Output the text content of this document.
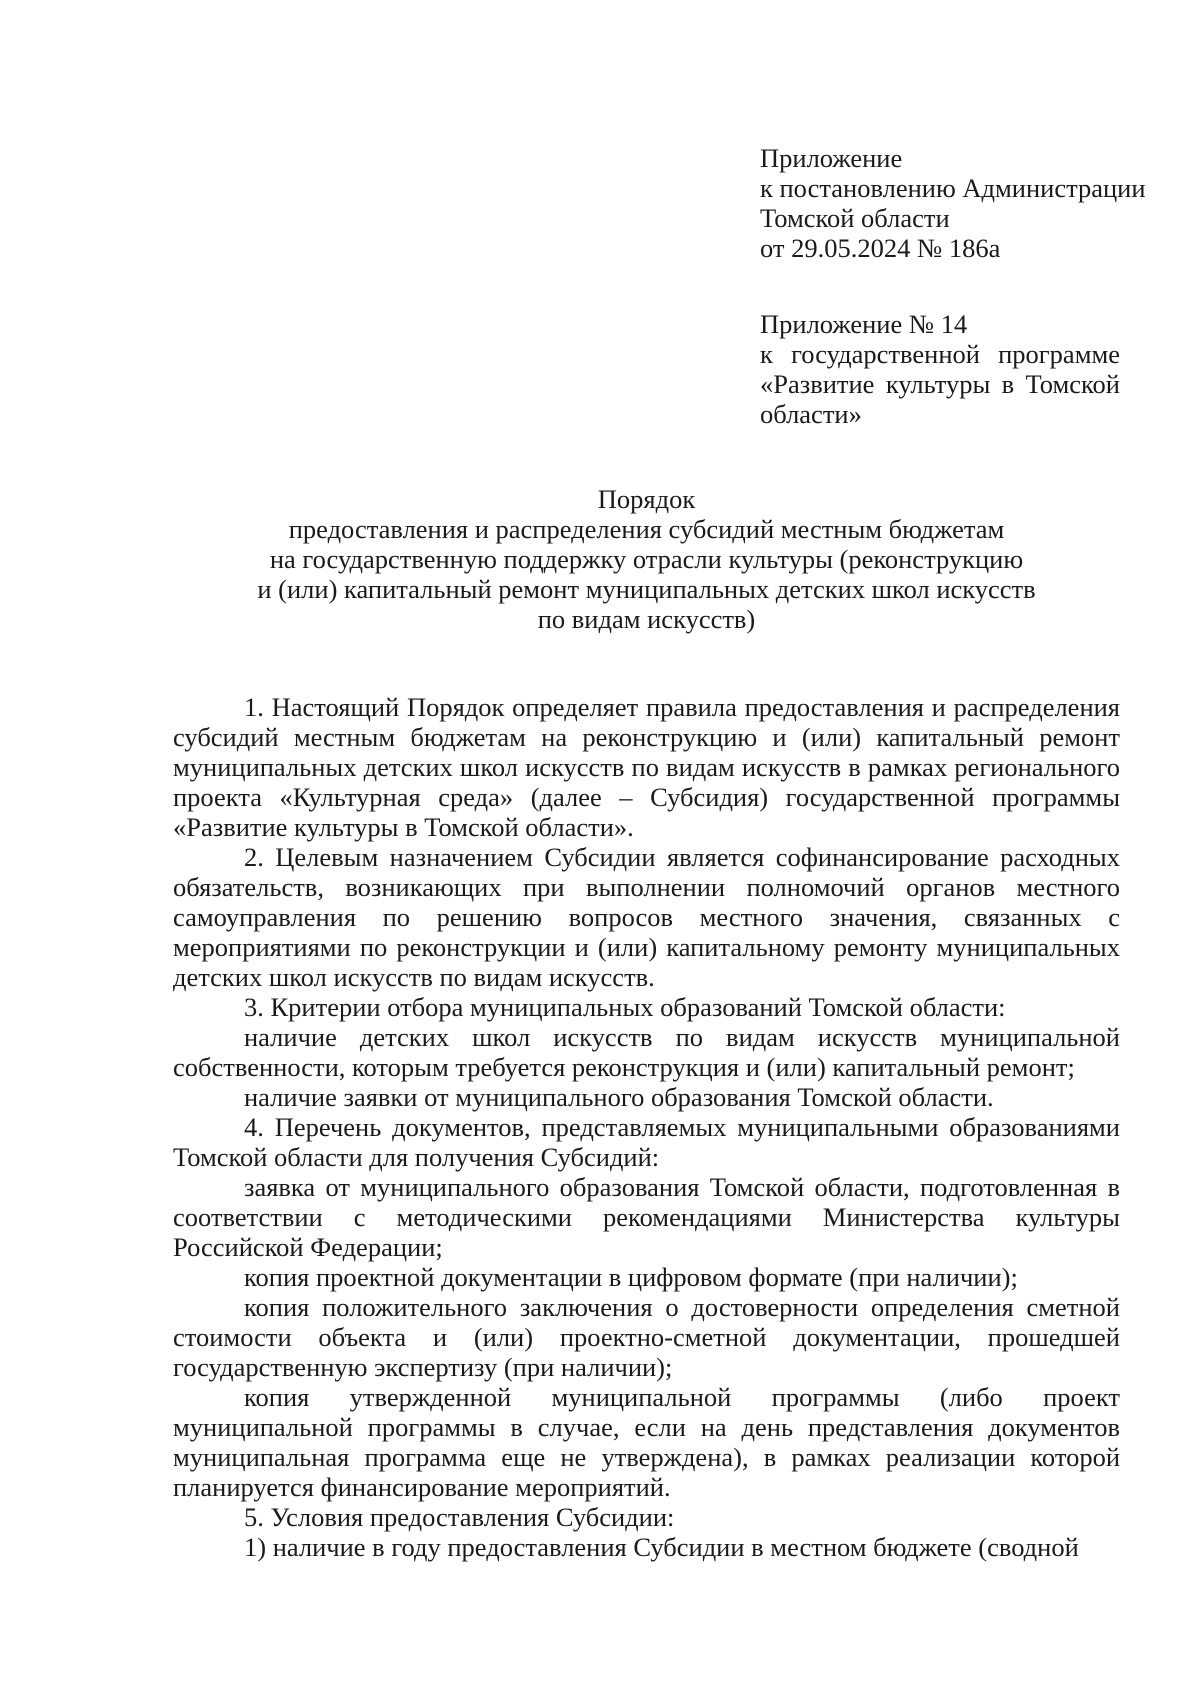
Приложение
к постановлению Администрации
Томской области
от 29.05.2024 № 186а
Приложение № 14
к государственной программе
«Развитие культуры в Томской
области»
Порядок
предоставления и распределения субсидий местным бюджетам
на государственную поддержку отрасли культуры (реконструкцию
и (или) капитальный ремонт муниципальных детских школ искусств
по видам искусств)

1. Настоящий Порядок определяет правила предоставления и распределения субсидий местным бюджетам на реконструкцию и (или) капитальный ремонт муниципальных детских школ искусств по видам искусств в рамках регионального проекта «Культурная среда» (далее – Субсидия) государственной программы «Развитие культуры в Томской области».

2. Целевым назначением Субсидии является софинансирование расходных обязательств, возникающих при выполнении полномочий органов местного самоуправления по решению вопросов местного значения, связанных с мероприятиями по реконструкции и (или) капитальному ремонту муниципальных детских школ искусств по видам искусств.

3. Критерии отбора муниципальных образований Томской области:

наличие детских школ искусств по видам искусств муниципальной собственности, которым требуется реконструкция и (или) капитальный ремонт;

наличие заявки от муниципального образования Томской области.

4. Перечень документов, представляемых муниципальными образованиями Томской области для получения Субсидий:

заявка от муниципального образования Томской области, подготовленная в соответствии с методическими рекомендациями Министерства культуры Российской Федерации;

копия проектной документации в цифровом формате (при наличии);

копия положительного заключения о достоверности определения сметной стоимости объекта и (или) проектно-сметной документации, прошедшей государственную экспертизу (при наличии);

копия утвержденной муниципальной программы (либо проект муниципальной программы в случае, если на день представления документов муниципальная программа еще не утверждена), в рамках реализации которой планируется финансирование мероприятий.

5. Условия предоставления Субсидии:

1) наличие в году предоставления Субсидии в местном бюджете (сводной
